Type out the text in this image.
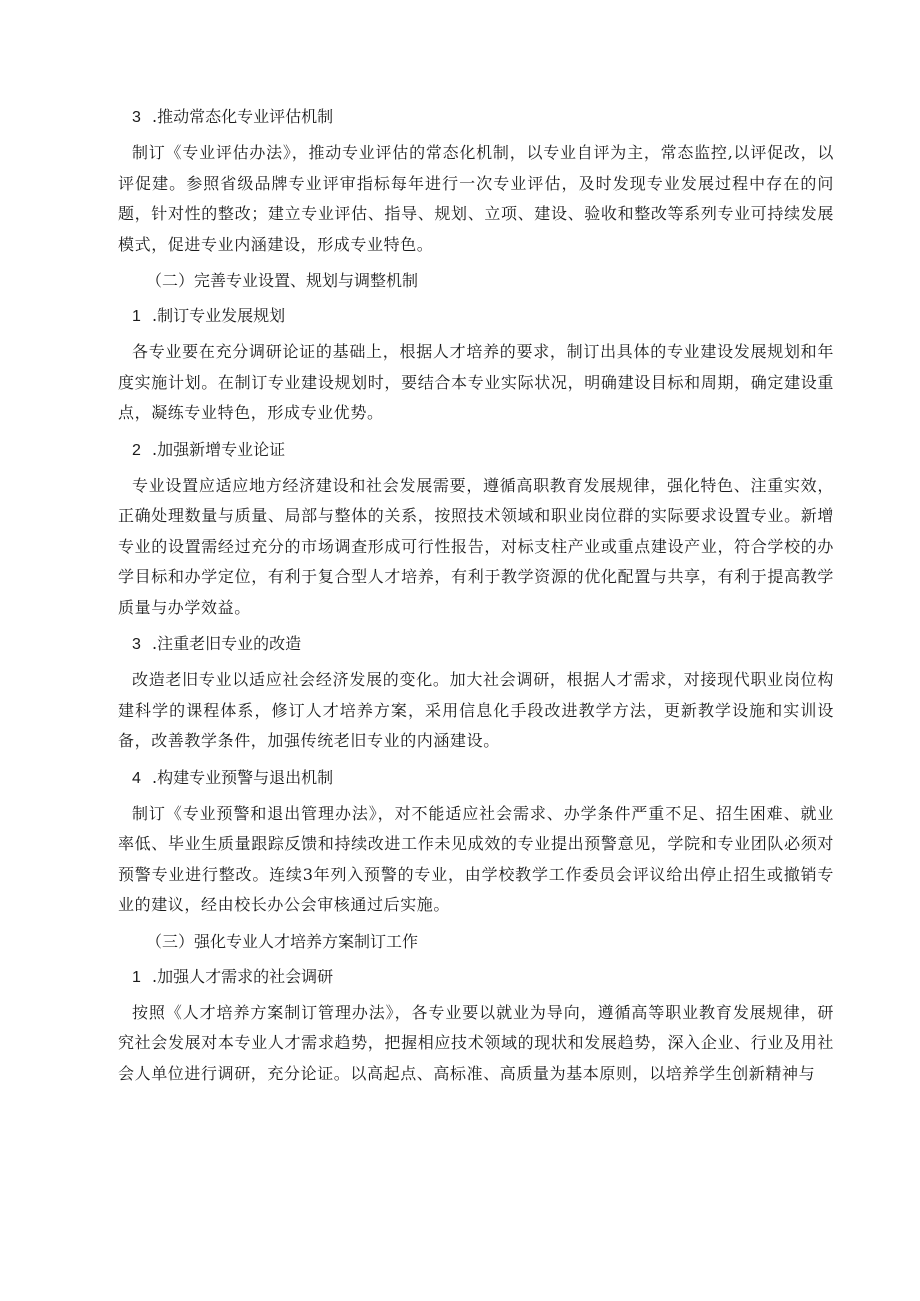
3 .推动常态化专业评估机制

制订《专业评估办法》，推动专业评估的常态化机制，以专业自评为主，常态监控,以评促改，以评促建。参照省级品牌专业评审指标每年进行一次专业评估，及时发现专业发展过程中存在的问题，针对性的整改；建立专业评估、指导、规划、立项、建设、验收和整改等系列专业可持续发展模式，促进专业内涵建设，形成专业特色。

（二）完善专业设置、规划与调整机制
1 .制订专业发展规划

各专业要在充分调研论证的基础上，根据人才培养的要求，制订出具体的专业建设发展规划和年度实施计划。在制订专业建设规划时，要结合本专业实际状况，明确建设目标和周期，确定建设重点，凝练专业特色，形成专业优势。

2 .加强新增专业论证

专业设置应适应地方经济建设和社会发展需要，遵循高职教育发展规律，强化特色、注重实效，正确处理数量与质量、局部与整体的关系，按照技术领域和职业岗位群的实际要求设置专业。新增专业的设置需经过充分的市场调查形成可行性报告，对标支柱产业或重点建设产业，符合学校的办学目标和办学定位，有利于复合型人才培养，有利于教学资源的优化配置与共享，有利于提高教学质量与办学效益。

3 .注重老旧专业的改造

改造老旧专业以适应社会经济发展的变化。加大社会调研，根据人才需求，对接现代职业岗位构建科学的课程体系，修订人才培养方案，采用信息化手段改进教学方法，更新教学设施和实训设备，改善教学条件，加强传统老旧专业的内涵建设。

4 .构建专业预警与退出机制

制订《专业预警和退出管理办法》，对不能适应社会需求、办学条件严重不足、招生困难、就业率低、毕业生质量跟踪反馈和持续改进工作未见成效的专业提出预警意见，学院和专业团队必须对预警专业进行整改。连续3年列入预警的专业，由学校教学工作委员会评议给出停止招生或撤销专业的建议，经由校长办公会审核通过后实施。

（三）强化专业人才培养方案制订工作
1 .加强人才需求的社会调研

按照《人才培养方案制订管理办法》，各专业要以就业为导向，遵循高等职业教育发展规律，研究社会发展对本专业人才需求趋势，把握相应技术领域的现状和发展趋势，深入企业、行业及用社会人单位进行调研，充分论证。以高起点、高标准、高质量为基本原则，以培养学生创新精神与
